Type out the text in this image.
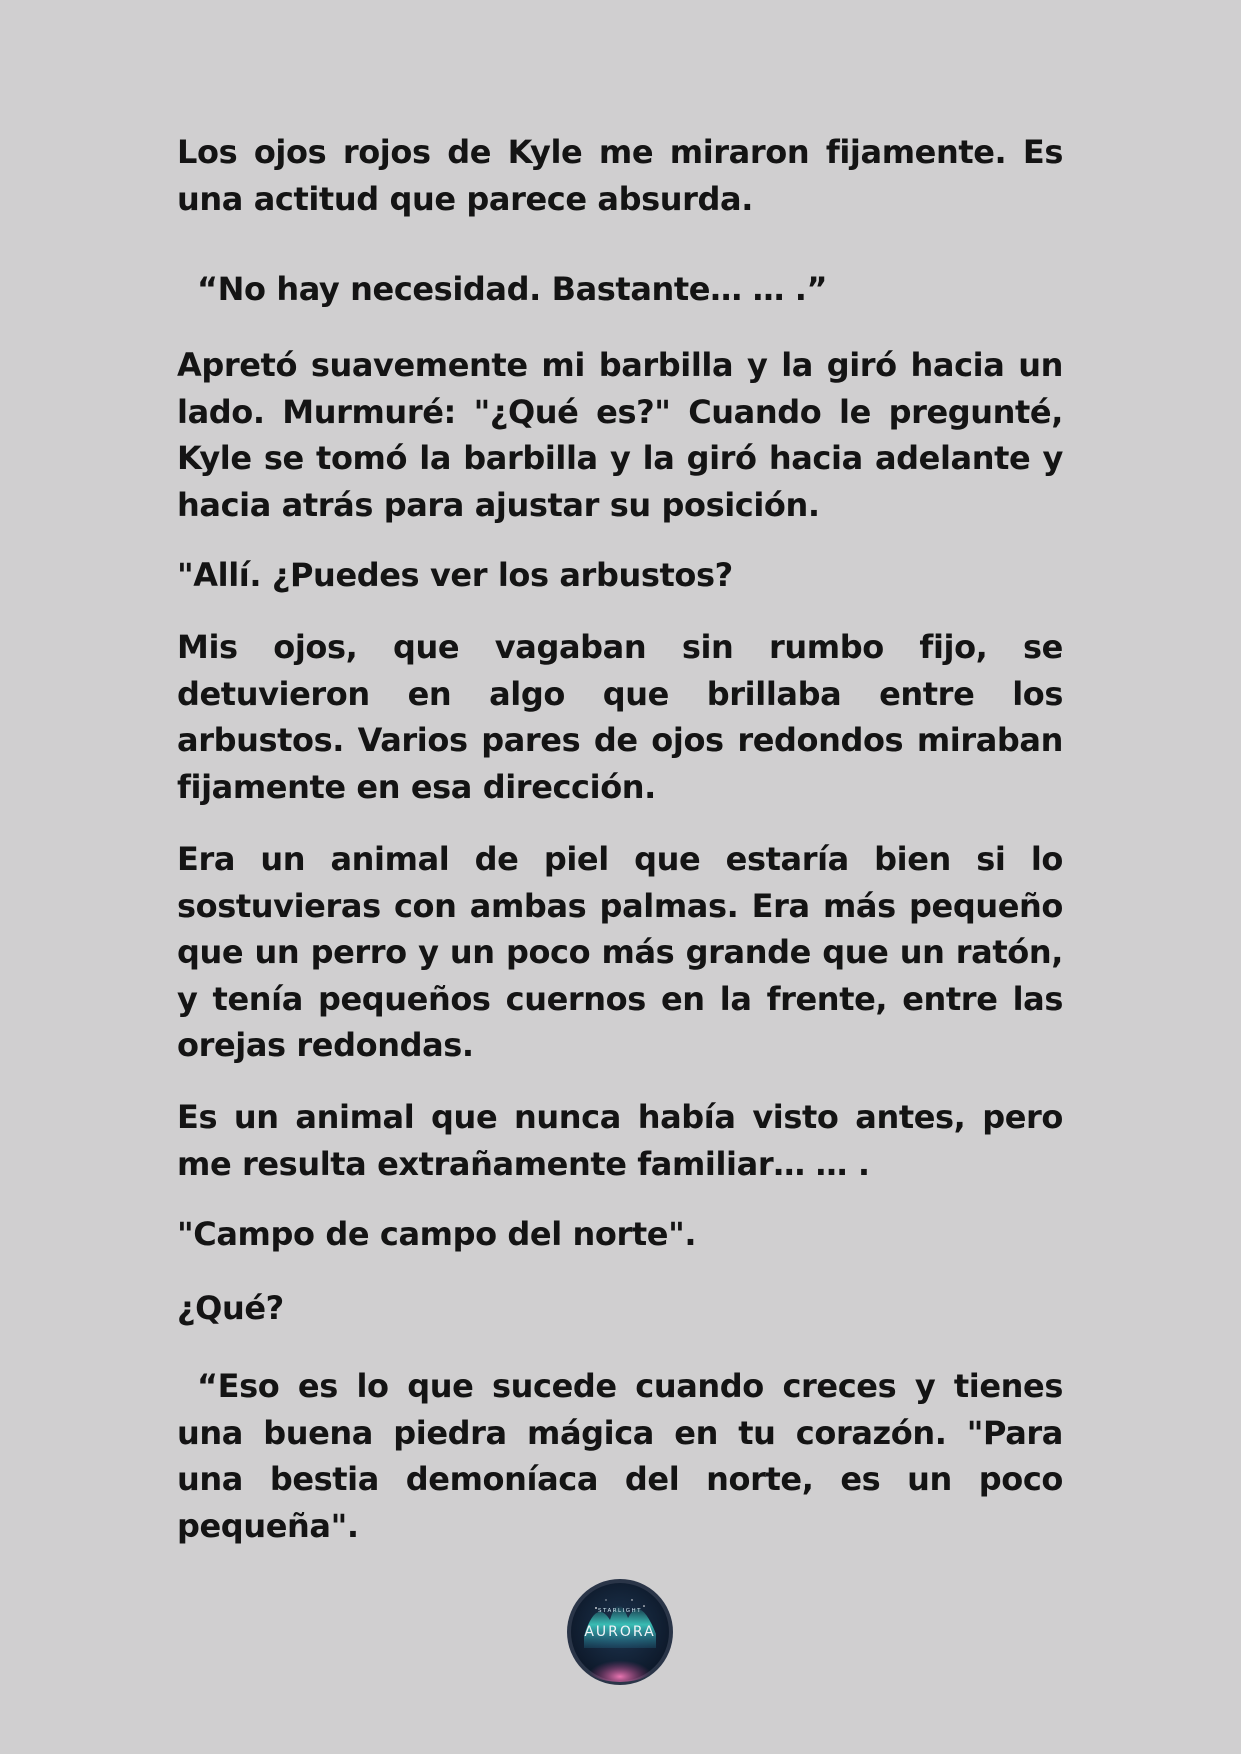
Los ojos rojos de Kyle me miraron fijamente. Es una actitud que parece absurda.

“No hay necesidad. Bastante… … .”

Apretó suavemente mi barbilla y la giró hacia un lado. Murmuré: "¿Qué es?" Cuando le pregunté, Kyle se tomó la barbilla y la giró hacia adelante y hacia atrás para ajustar su posición.

"Allí. ¿Puedes ver los arbustos?

Mis ojos, que vagaban sin rumbo fijo, se detuvieron en algo que brillaba entre los arbustos. Varios pares de ojos redondos miraban fijamente en esa dirección.

Era un animal de piel que estaría bien si lo sostuvieras con ambas palmas. Era más pequeño que un perro y un poco más grande que un ratón, y tenía pequeños cuernos en la frente, entre las orejas redondas.

Es un animal que nunca había visto antes, pero me resulta extrañamente familiar… … .

"Campo de campo del norte".

¿Qué?

“Eso es lo que sucede cuando creces y tienes una buena piedra mágica en tu corazón. "Para una bestia demoníaca del norte, es un poco pequeña".

STARLIGHT
AURORA
